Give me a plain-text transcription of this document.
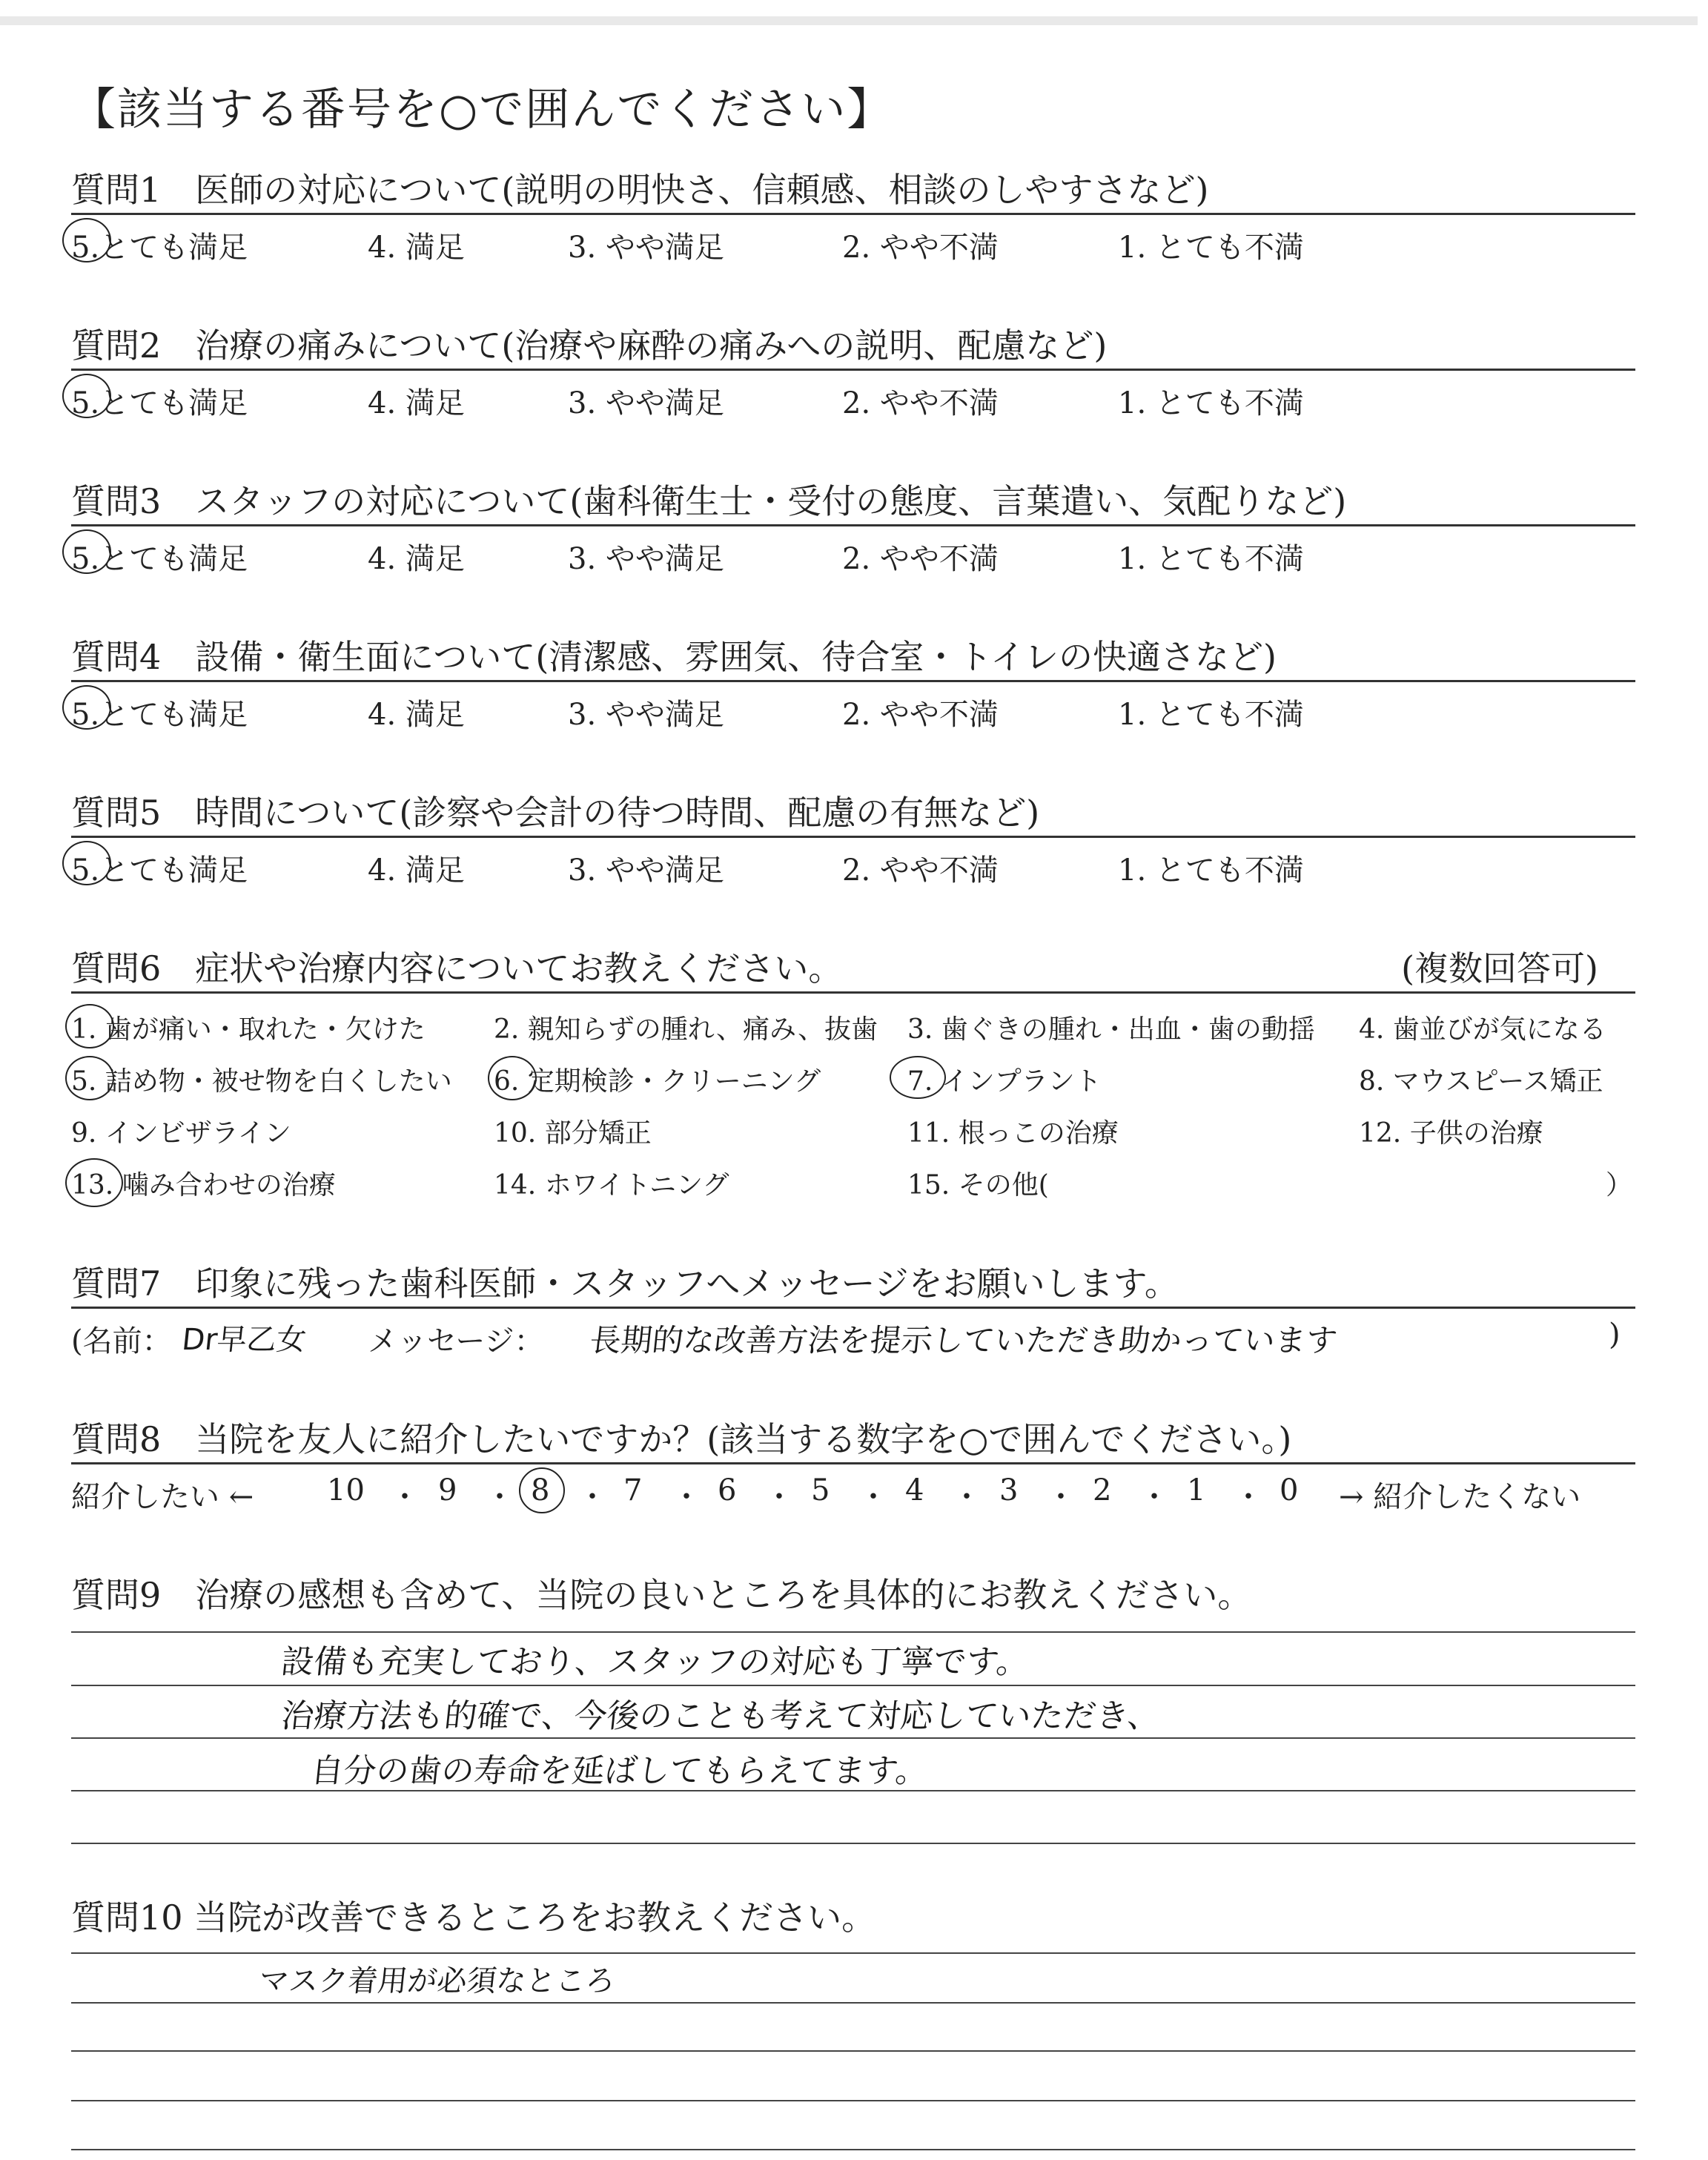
【該当する番号を○で囲んでください】
質問1　医師の対応について(説明の明快さ、信頼感、相談のしやすさなど)
5.とても満足	4. 満足	3. やや満足	2. やや不満	1. とても不満
質問2　治療の痛みについて(治療や麻酔の痛みへの説明、配慮など)
5.とても満足	4. 満足	3. やや満足	2. やや不満	1. とても不満
質問3　スタッフの対応について(歯科衛生士・受付の態度、言葉遣い、気配りなど)
5.とても満足	4. 満足	3. やや満足	2. やや不満	1. とても不満
質問4　設備・衛生面について(清潔感、雰囲気、待合室・トイレの快適さなど)
5.とても満足	4. 満足	3. やや満足	2. やや不満	1. とても不満
質問5　時間について(診察や会計の待つ時間、配慮の有無など)
5.とても満足	4. 満足	3. やや満足	2. やや不満	1. とても不満
質問6　症状や治療内容についてお教えください。	(複数回答可)
1. 歯が痛い・取れた・欠けた	2. 親知らずの腫れ、痛み、抜歯 3. 歯ぐきの腫れ・出血・歯の動揺 4. 歯並びが気になる
5. 詰め物・被せ物を白くしたい 6. 定期検診・クリーニング	7. インプラント	8. マウスピース矯正
9. インビザライン	10. 部分矯正	11. 根っこの治療	12. 子供の治療
13. 噛み合わせの治療	14. ホワイトニング	15. その他(	）
質問7　印象に残った歯科医師・スタッフへメッセージをお願いします。
(名前： Dr早乙女 メッセージ： 長期的な改善方法を提示していただき助かっています	)
質問8　当院を友人に紹介したいですか？(該当する数字を○で囲んでください。)
紹介したい ← 10 ・ 9 ・ 8 ・ 7 ・ 6 ・ 5 ・ 4 ・ 3 ・ 2 ・ 1 ・ 0 → 紹介したくない
質問9　治療の感想も含めて、当院の良いところを具体的にお教えください。
設備も充実しており、スタッフの対応も丁寧です。
治療方法も的確で、今後のことも考えて対応していただき、
自分の歯の寿命を延ばしてもらえてます。
質問10 当院が改善できるところをお教えください。
マスク着用が必須なところ
